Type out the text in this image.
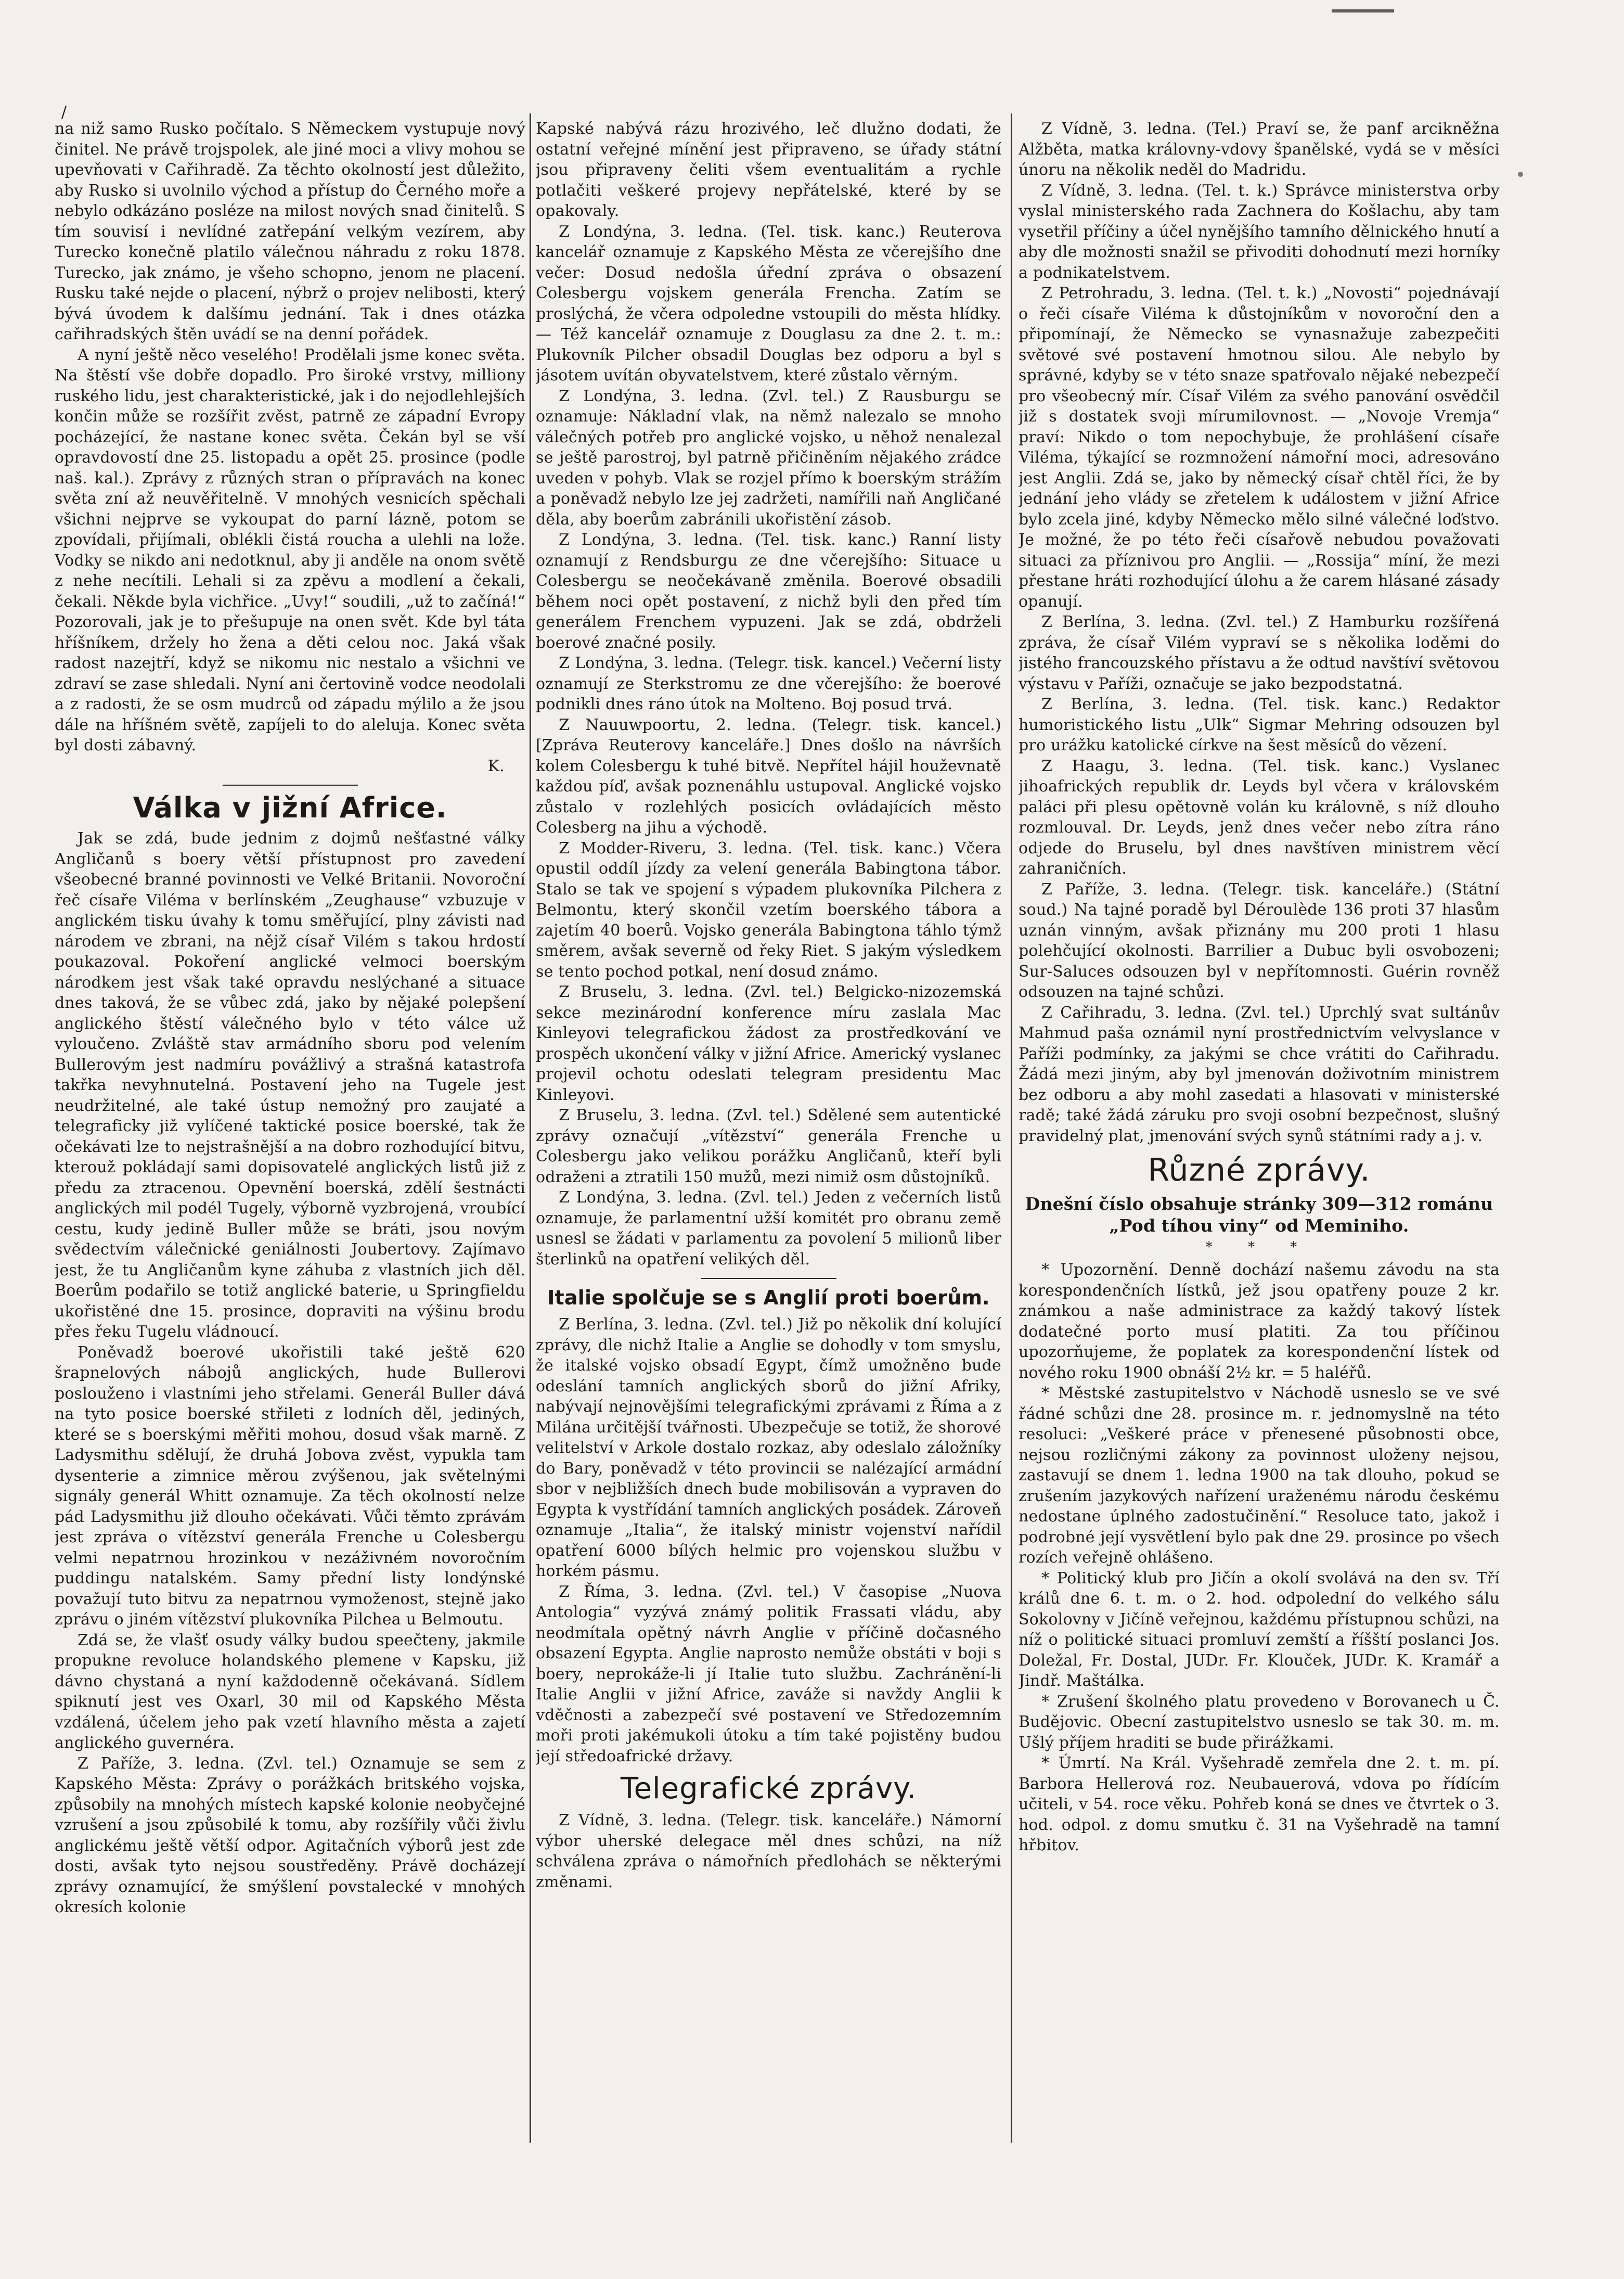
/

na niž samo Rusko počítalo. S Německem vystupuje nový činitel. Ne právě trojspolek, ale jiné moci a vlivy mohou se upevňovati v Cařihradě. Za těchto okolností jest důležito, aby Rusko si uvolnilo východ a přístup do Černého moře a nebylo odkázáno posléze na milost nových snad činitelů. S tím souvisí i nevlídné zatřepání velkým vezírem, aby Turecko konečně platilo válečnou náhradu z roku 1878. Turecko, jak známo, je všeho schopno, jenom ne placení. Rusku také nejde o placení, nýbrž o projev nelibosti, který bývá úvodem k dalšímu jednání. Tak i dnes otázka cařihradských štěn uvádí se na denní pořádek.

A nyní ještě něco veselého! Prodělali jsme konec světa. Na štěstí vše dobře dopadlo. Pro široké vrstvy, milliony ruského lidu, jest charakteristické, jak i do nejodlehlejších končin může se rozšířit zvěst, patrně ze západní Evropy pocházející, že nastane konec světa. Čekán byl se vší opravdovostí dne 25. listopadu a opět 25. prosince (podle naš. kal.). Zprávy z různých stran o přípravách na konec světa zní až neuvěřitelně. V mnohých vesnicích spěchali všichni nejprve se vykoupat do parní lázně, potom se zpovídali, přijímali, oblékli čistá roucha a ulehli na lože. Vodky se nikdo ani nedotknul, aby ji anděle na onom světě z nehe necítili. Lehali si za zpěvu a modlení a čekali, čekali. Někde byla vichřice. „Uvy!“ soudili, „už to začíná!“ Pozorovali, jak je to přešupuje na onen svět. Kde byl táta hříšníkem, držely ho žena a děti celou noc. Jaká však radost nazejtří, když se nikomu nic nestalo a všichni ve zdraví se zase shledali. Nyní ani čertovině vodce neodolali a z radosti, že se osm mudrců od západu mýlilo a že jsou dále na hříšném světě, zapíjeli to do aleluja. Konec světa byl dosti zábavný.

K.
Válka v jižní Africe.

Jak se zdá, bude jednim z dojmů nešťastné války Angličanů s boery větší přístupnost pro zavedení všeobecné branné povinnosti ve Velké Britanii. Novoroční řeč císaře Viléma v berlínském „Zeughause“ vzbuzuje v anglickém tisku úvahy k tomu směřující, plny závisti nad národem ve zbrani, na nějž císař Vilém s takou hrdostí poukazoval. Pokoření anglické velmoci boerským národkem jest však také opravdu neslýchané a situace dnes taková, že se vůbec zdá, jako by nějaké polepšení anglického štěstí válečného bylo v této válce už vyloučeno. Zvláště stav armádního sboru pod velením Bullerovým jest nadmíru povážlivý a strašná katastrofa takřka nevyhnutelná. Postavení jeho na Tugele jest neudržitelné, ale také ústup nemožný pro zaujaté a telegraficky již vylíčené taktické posice boerské, tak že očekávati lze to nejstrašnější a na dobro rozhodující bitvu, kterouž pokládají sami dopisovatelé anglických listů již z předu za ztracenou. Opevnění boerská, zdělí šestnácti anglických mil podél Tugely, výborně vyzbrojená, vroubící cestu, kudy jedině Buller může se bráti, jsou novým svědectvím válečnické geniálnosti Joubertovy. Zajímavo jest, že tu Angličanům kyne záhuba z vlastních jich děl. Boerům podařilo se totiž anglické baterie, u Springfieldu ukořistěné dne 15. prosince, dopraviti na výšinu brodu přes řeku Tugelu vládnoucí.

Poněvadž boerové ukořistili také ještě 620 šrapnelových nábojů anglických, hude Bullerovi poslouženo i vlastními jeho střelami. Generál Buller dává na tyto posice boerské střileti z lodních děl, jediných, které se s boerskými měřiti mohou, dosud však marně. Z Ladysmithu sdělují, že druhá Jobova zvěst, vypukla tam dysenterie a zimnice měrou zvýšenou, jak světelnými signály generál Whitt oznamuje. Za těch okolností nelze pád Ladysmithu již dlouho očekávati. Vůči těmto zprávám jest zpráva o vítězství generála Frenche u Colesbergu velmi nepatrnou hrozinkou v nezáživném novoročním puddingu natalském. Samy přední listy londýnské považují tuto bitvu za nepatrnou vymoženost, stejně jako zprávu o jiném vítězství plukovníka Pilchea u Belmoutu.

Zdá se, že vlašť osudy války budou speečteny, jakmile propukne revoluce holandského plemene v Kapsku, již dávno chystaná a nyní každodenně očekávaná. Sídlem spiknutí jest ves Oxarl, 30 mil od Kapského Města vzdálená, účelem jeho pak vzetí hlavního města a zajetí anglického guvernéra.

Z Paříže, 3. ledna. (Zvl. tel.) Oznamuje se sem z Kapského Města: Zprávy o porážkách britského vojska, způsobily na mnohých místech kapské kolonie neobyčejné vzrušení a jsou způsobilé k tomu, aby rozšířily vůči živlu anglickému ještě větší odpor. Agitačních výborů jest zde dosti, avšak tyto nejsou soustředěny. Právě docházejí zprávy oznamující, že smýšlení povstalecké v mnohých okresích kolonie

Kapské nabývá rázu hrozivého, leč dlužno dodati, že ostatní veřejné mínění jest připraveno, se úřady státní jsou připraveny čeliti všem eventualitám a rychle potlačiti veškeré projevy nepřátelské, které by se opakovaly.

Z Londýna, 3. ledna. (Tel. tisk. kanc.) Reuterova kancelář oznamuje z Kapského Města ze včerejšího dne večer: Dosud nedošla úřední zpráva o obsazení Colesbergu vojskem generála Frencha. Zatím se proslýchá, že včera odpoledne vstoupili do města hlídky. — Též kancelář oznamuje z Douglasu za dne 2. t. m.: Plukovník Pilcher obsadil Douglas bez odporu a byl s jásotem uvítán obyvatelstvem, které zůstalo věrným.

Z Londýna, 3. ledna. (Zvl. tel.) Z Rausburgu se oznamuje: Nákladní vlak, na němž nalezalo se mnoho válečných potřeb pro anglické vojsko, u něhož nenalezal se ještě parostroj, byl patrně přičiněním nějakého zrádce uveden v pohyb. Vlak se rozjel přímo k boerským strážím a poněvadž nebylo lze jej zadržeti, namířili naň Angličané děla, aby boerům zabránili ukořistění zásob.

Z Londýna, 3. ledna. (Tel. tisk. kanc.) Ranní listy oznamují z Rendsburgu ze dne včerejšího: Situace u Colesbergu se neočekávaně změnila. Boerové obsadili během noci opět postavení, z nichž byli den před tím generálem Frenchem vypuzeni. Jak se zdá, obdrželi boerové značné posily.

Z Londýna, 3. ledna. (Telegr. tisk. kancel.) Večerní listy oznamují ze Sterkstromu ze dne včerejšího: že boerové podnikli dnes ráno útok na Molteno. Boj posud trvá.

Z Nauuwpoortu, 2. ledna. (Telegr. tisk. kancel.) [Zpráva Reuterovy kanceláře.] Dnes došlo na návrších kolem Colesbergu k tuhé bitvě. Nepřítel hájil houževnatě každou píď, avšak poznenáhlu ustupoval. Anglické vojsko zůstalo v rozlehlých posicích ovládajících město Colesberg na jihu a východě.

Z Modder-Riveru, 3. ledna. (Tel. tisk. kanc.) Včera opustil oddíl jízdy za velení generála Babingtona tábor. Stalo se tak ve spojení s výpadem plukovníka Pilchera z Belmontu, který skončil vzetím boerského tábora a zajetím 40 boerů. Vojsko generála Babingtona táhlo týmž směrem, avšak severně od řeky Riet. S jakým výsledkem se tento pochod potkal, není dosud známo.

Z Bruselu, 3. ledna. (Zvl. tel.) Belgicko-nizozemská sekce mezinárodní konference míru zaslala Mac Kinleyovi telegrafickou žádost za prostředkování ve prospěch ukončení války v jižní Africe. Americký vyslanec projevil ochotu odeslati telegram presidentu Mac Kinleyovi.

Z Bruselu, 3. ledna. (Zvl. tel.) Sdělené sem autentické zprávy označují „vítězství“ generála Frenche u Colesbergu jako velikou porážku Angličanů, kteří byli odraženi a ztratili 150 mužů, mezi nimiž osm důstojníků.

Z Londýna, 3. ledna. (Zvl. tel.) Jeden z večerních listů oznamuje, že parlamentní užší komitét pro obranu země usnesl se žádati v parlamentu za povolení 5 milionů liber šterlinků na opatření velikých děl.

Italie spolčuje se s Anglií proti boerům.

Z Berlína, 3. ledna. (Zvl. tel.) Již po několik dní kolující zprávy, dle nichž Italie a Anglie se dohodly v tom smyslu, že italské vojsko obsadí Egypt, čímž umožněno bude odeslání tamních anglických sborů do jižní Afriky, nabývají nejnovějšími telegrafickými zprávami z Říma a z Milána určitější tvářnosti. Ubezpečuje se totiž, že shorové velitelství v Arkole dostalo rozkaz, aby odeslalo záložníky do Bary, poněvadž v této provincii se nalézající armádní sbor v nejbližších dnech bude mobilisován a vypraven do Egypta k vystřídání tamních anglických posádek. Zároveň oznamuje „Italia“, že italský ministr vojenství nařídil opatření 6000 bílých helmic pro vojenskou službu v horkém pásmu.

Z Říma, 3. ledna. (Zvl. tel.) V časopise „Nuova Antologia“ vyzývá známý politik Frassati vládu, aby neodmítala opětný návrh Anglie v příčině dočasného obsazení Egypta. Anglie naprosto nemůže obstáti v boji s boery, neprokáže-li jí Italie tuto službu. Zachránění-li Italie Anglii v jižní Africe, zaváže si navždy Anglii k vděčnosti a zabezpečí své postavení ve Středozemním moři proti jakémukoli útoku a tím také pojistěny budou její středoafrické državy.

Telegrafické zprávy.

Z Vídně, 3. ledna. (Telegr. tisk. kanceláře.) Námorní výbor uherské delegace měl dnes schůzi, na níž schválena zpráva o námořních předlohách se některými změnami.

Z Vídně, 3. ledna. (Tel.) Praví se, že panf arcikněžna Alžběta, matka královny-vdovy španělské, vydá se v měsíci únoru na několik neděl do Madridu.

Z Vídně, 3. ledna. (Tel. t. k.) Správce ministerstva orby vyslal ministerského rada Zachnera do Košlachu, aby tam vysetřil příčiny a účel nynějšího tamního dělnického hnutí a aby dle možnosti snažil se přivoditi dohodnutí mezi horníky a podnikatelstvem.

Z Petrohradu, 3. ledna. (Tel. t. k.) „Novosti“ pojednávají o řeči císaře Viléma k důstojníkům v novoroční den a připomínají, že Německo se vynasnažuje zabezpečiti světové své postavení hmotnou silou. Ale nebylo by správné, kdyby se v této snaze spatřovalo nějaké nebezpečí pro všeobecný mír. Císař Vilém za svého panování osvědčil již s dostatek svoji mírumilovnost. — „Novoje Vremja“ praví: Nikdo o tom nepochybuje, že prohlášení císaře Viléma, týkající se rozmnožení námořní moci, adresováno jest Anglii. Zdá se, jako by německý císař chtěl říci, že by jednání jeho vlády se zřetelem k událostem v jižní Africe bylo zcela jiné, kdyby Německo mělo silné válečné loďstvo. Je možné, že po této řeči císařově nebudou považovati situaci za příznivou pro Anglii. — „Rossija“ míní, že mezi přestane hráti rozhodující úlohu a že carem hlásané zásady opanují.

Z Berlína, 3. ledna. (Zvl. tel.) Z Hamburku rozšířená zpráva, že císař Vilém vypraví se s několika loděmi do jistého francouzského přístavu a že odtud navštíví světovou výstavu v Paříži, označuje se jako bezpodstatná.

Z Berlína, 3. ledna. (Tel. tisk. kanc.) Redaktor humoristického listu „Ulk“ Sigmar Mehring odsouzen byl pro urážku katolické církve na šest měsíců do vězení.

Z Haagu, 3. ledna. (Tel. tisk. kanc.) Vyslanec jihoafrických republik dr. Leyds byl včera v královském paláci při plesu opětovně volán ku královně, s níž dlouho rozmlouval. Dr. Leyds, jenž dnes večer nebo zítra ráno odjede do Bruselu, byl dnes navštíven ministrem věcí zahraničních.

Z Paříže, 3. ledna. (Telegr. tisk. kanceláře.) (Státní soud.) Na tajné poradě byl Déroulède 136 proti 37 hlasům uznán vinným, avšak přiznány mu 200 proti 1 hlasu polehčující okolnosti. Barrilier a Dubuc byli osvobozeni; Sur-Saluces odsouzen byl v nepřítomnosti. Guérin rovněž odsouzen na tajné schůzi.

Z Cařihradu, 3. ledna. (Zvl. tel.) Uprchlý svat sultánův Mahmud paša oznámil nyní prostřednictvím velvyslance v Paříži podmínky, za jakými se chce vrátiti do Cařihradu. Žádá mezi jiným, aby byl jmenován doživotním ministrem bez odboru a aby mohl zasedati a hlasovati v ministerské radě; také žádá záruku pro svoji osobní bezpečnost, slušný pravidelný plat, jmenování svých synů státními rady a j. v.

Různé zprávy.
Dnešní číslo obsahuje stránky 309—312 románu „Pod tíhou viny“ od Meminiho.
* * *

* Upozornění. Denně dochází našemu závodu na sta korespondenčních lístků, jež jsou opatřeny pouze 2 kr. známkou a naše administrace za každý takový lístek dodatečné porto musí platiti. Za tou příčinou upozorňujeme, že poplatek za korespondenční lístek od nového roku 1900 obnáší 2½ kr. = 5 haléřů.

* Městské zastupitelstvo v Náchodě usneslo se ve své řádné schůzi dne 28. prosince m. r. jednomyslně na této resoluci: „Veškeré práce v přenesené působnosti obce, nejsou rozličnými zákony za povinnost uloženy nejsou, zastavují se dnem 1. ledna 1900 na tak dlouho, pokud se zrušením jazykových nařízení uraženému národu českému nedostane úplného zadostučinění.“ Resoluce tato, jakož i podrobné její vysvětlení bylo pak dne 29. prosince po všech rozích veřejně ohlášeno.

* Politický klub pro Jičín a okolí svolává na den sv. Tří králů dne 6. t. m. o 2. hod. odpolední do velkého sálu Sokolovny v Jičíně veřejnou, každému přístupnou schůzi, na níž o politické situaci promluví zemští a říšští poslanci Jos. Doležal, Fr. Dostal, JUDr. Fr. Klouček, JUDr. K. Kramář a Jindř. Maštálka.

* Zrušení školného platu provedeno v Borovanech u Č. Budějovic. Obecní zastupitelstvo usneslo se tak 30. m. m. Ušlý příjem hraditi se bude přirážkami.

* Úmrtí. Na Král. Vyšehradě zemřela dne 2. t. m. pí. Barbora Hellerová roz. Neubauerová, vdova po řídícím učiteli, v 54. roce věku. Pohřeb koná se dnes ve čtvrtek o 3. hod. odpol. z domu smutku č. 31 na Vyšehradě na tamní hřbitov.
